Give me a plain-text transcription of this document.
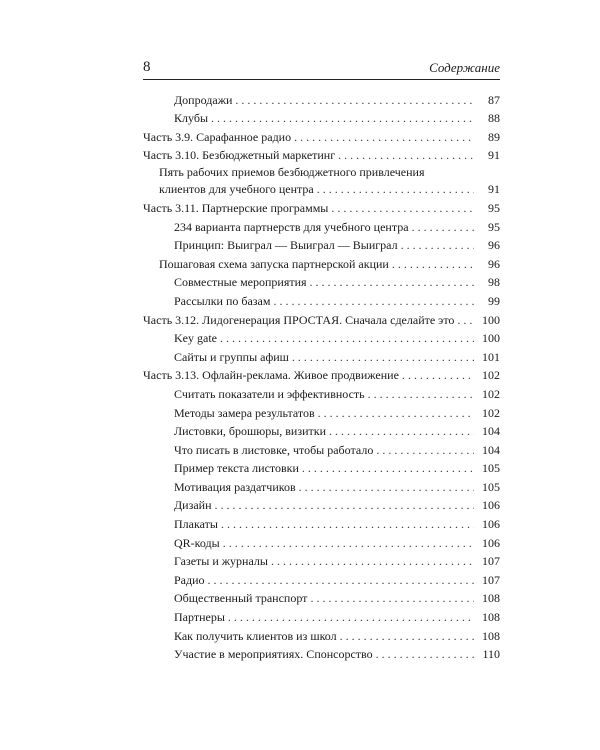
8	Содержание
Допродажи . . .	87
Клубы . . .	88
Часть 3.9. Сарафанное радио . . .	89
Часть 3.10. Безбюджетный маркетинг . . .	91
Пять рабочих приемов безбюджетного привлечения
клиентов для учебного центра . . .	91
Часть 3.11. Партнерские программы . . .	95
234 варианта партнерств для учебного центра . . .	95
Принцип: Выиграл — Выиграл — Выиграл . . .	96
Пошаговая схема запуска партнерской акции . . .	96
Совместные мероприятия . . .	98
Рассылки по базам . . .	99
Часть 3.12. Лидогенерация ПРОСТАЯ. Сначала сделайте это . . .	100
Key gate . . .	100
Сайты и группы афиш . . .	101
Часть 3.13. Офлайн-реклама. Живое продвижение . . .	102
Считать показатели и эффективность . . .	102
Методы замера результатов . . .	102
Листовки, брошюры, визитки . . .	104
Что писать в листовке, чтобы работало . . .	104
Пример текста листовки . . .	105
Мотивация раздатчиков . . .	105
Дизайн . . .	106
Плакаты . . .	106
QR-коды . . .	106
Газеты и журналы . . .	107
Радио . . .	107
Общественный транспорт . . .	108
Партнеры . . .	108
Как получить клиентов из школ . . .	108
Участие в мероприятиях. Спонсорство . . .	110
